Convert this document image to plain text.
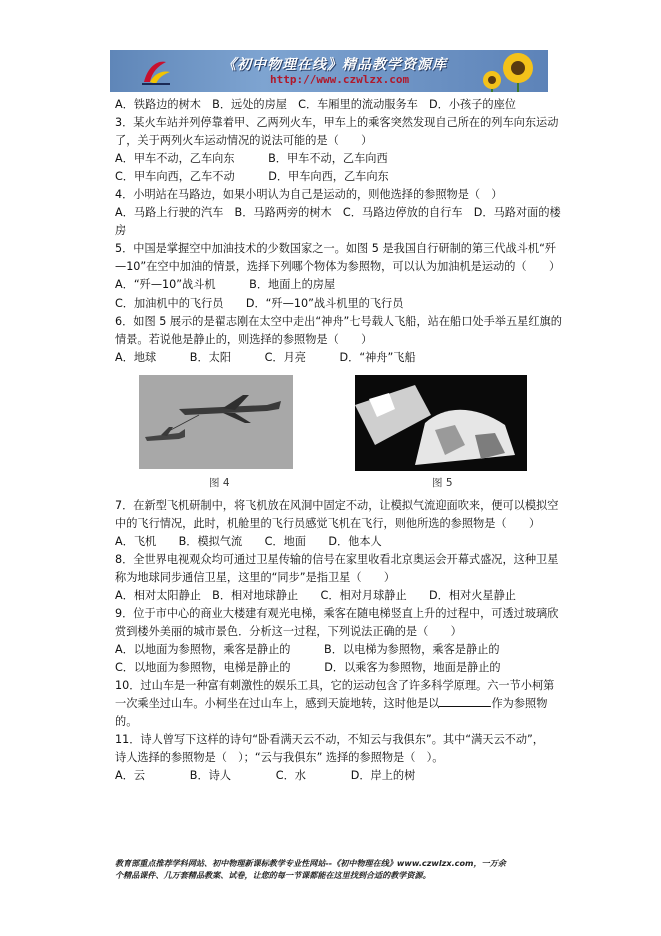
《初中物理在线》精品教学资源库
http://www.czwlzx.com
A．铁路边的树木　B．远处的房屋　C．车厢里的流动服务车　D．小孩子的座位
3．某火车站并列停靠着甲、乙两列火车，甲车上的乘客突然发现自己所在的列车向东运动
了，关于两列火车运动情况的说法可能的是（　　）
A．甲车不动，乙车向东　　　B．甲车不动，乙车向西
C．甲车向西，乙车不动　　　D．甲车向西，乙车向东
4．小明站在马路边，如果小明认为自己是运动的，则他选择的参照物是（　）
A．马路上行驶的汽车　B．马路两旁的树木　C．马路边停放的自行车　D．马路对面的楼
房
5．中国是掌握空中加油技术的少数国家之一。如图 5 是我国自行研制的第三代战斗机“歼
—10”在空中加油的情景，选择下列哪个物体为参照物，可以认为加油机是运动的（　　）
A．“歼—10”战斗机　　　B．地面上的房屋
C．加油机中的飞行员　　D．“歼—10”战斗机里的飞行员
6．如图 5 展示的是翟志刚在太空中走出“神舟”七号载人飞船，站在船口处手举五星红旗的
情景。若说他是静止的，则选择的参照物是（　　）
A．地球　　　B．太阳　　　C．月亮　　　D．“神舟”飞船
图 4	图 5
7．在新型飞机研制中，将飞机放在风洞中固定不动，让模拟气流迎面吹来，便可以模拟空
中的飞行情况，此时，机舱里的飞行员感觉飞机在飞行，则他所选的参照物是（　　）
A．飞机　　B．模拟气流　　C．地面　　D．他本人
8．全世界电视观众均可通过卫星传输的信号在家里收看北京奥运会开幕式盛况，这种卫星
称为地球同步通信卫星，这里的“同步”是指卫星（　　）
A．相对太阳静止　B．相对地球静止　　C．相对月球静止　　D．相对火星静止
9．位于市中心的商业大楼建有观光电梯，乘客在随电梯竖直上升的过程中，可透过玻璃欣
赏到楼外美丽的城市景色．分析这一过程，下列说法正确的是（　　）
A．以地面为参照物，乘客是静止的　　　B．以电梯为参照物，乘客是静止的
C．以地面为参照物，电梯是静止的　　　D．以乘客为参照物，地面是静止的
10．过山车是一种富有刺激性的娱乐工具，它的运动包含了许多科学原理。六一节小柯第
一次乘坐过山车。小柯坐在过山车上，感到天旋地转，这时他是以	作为参照物
的。
11．诗人曾写下这样的诗句“卧看满天云不动，不知云与我俱东”。其中“满天云不动”，
诗人选择的参照物是（　）；“云与我俱东” 选择的参照物是（　）。
A．云　　　　B．诗人　　　　C．水　　　　D．岸上的树
教育部重点推荐学科网站、初中物理新课标教学专业性网站--《初中物理在线》www.czwlzx.com，一万余
个精品课件、几万套精品教案、试卷，让您的每一节课都能在这里找到合适的教学资源。
